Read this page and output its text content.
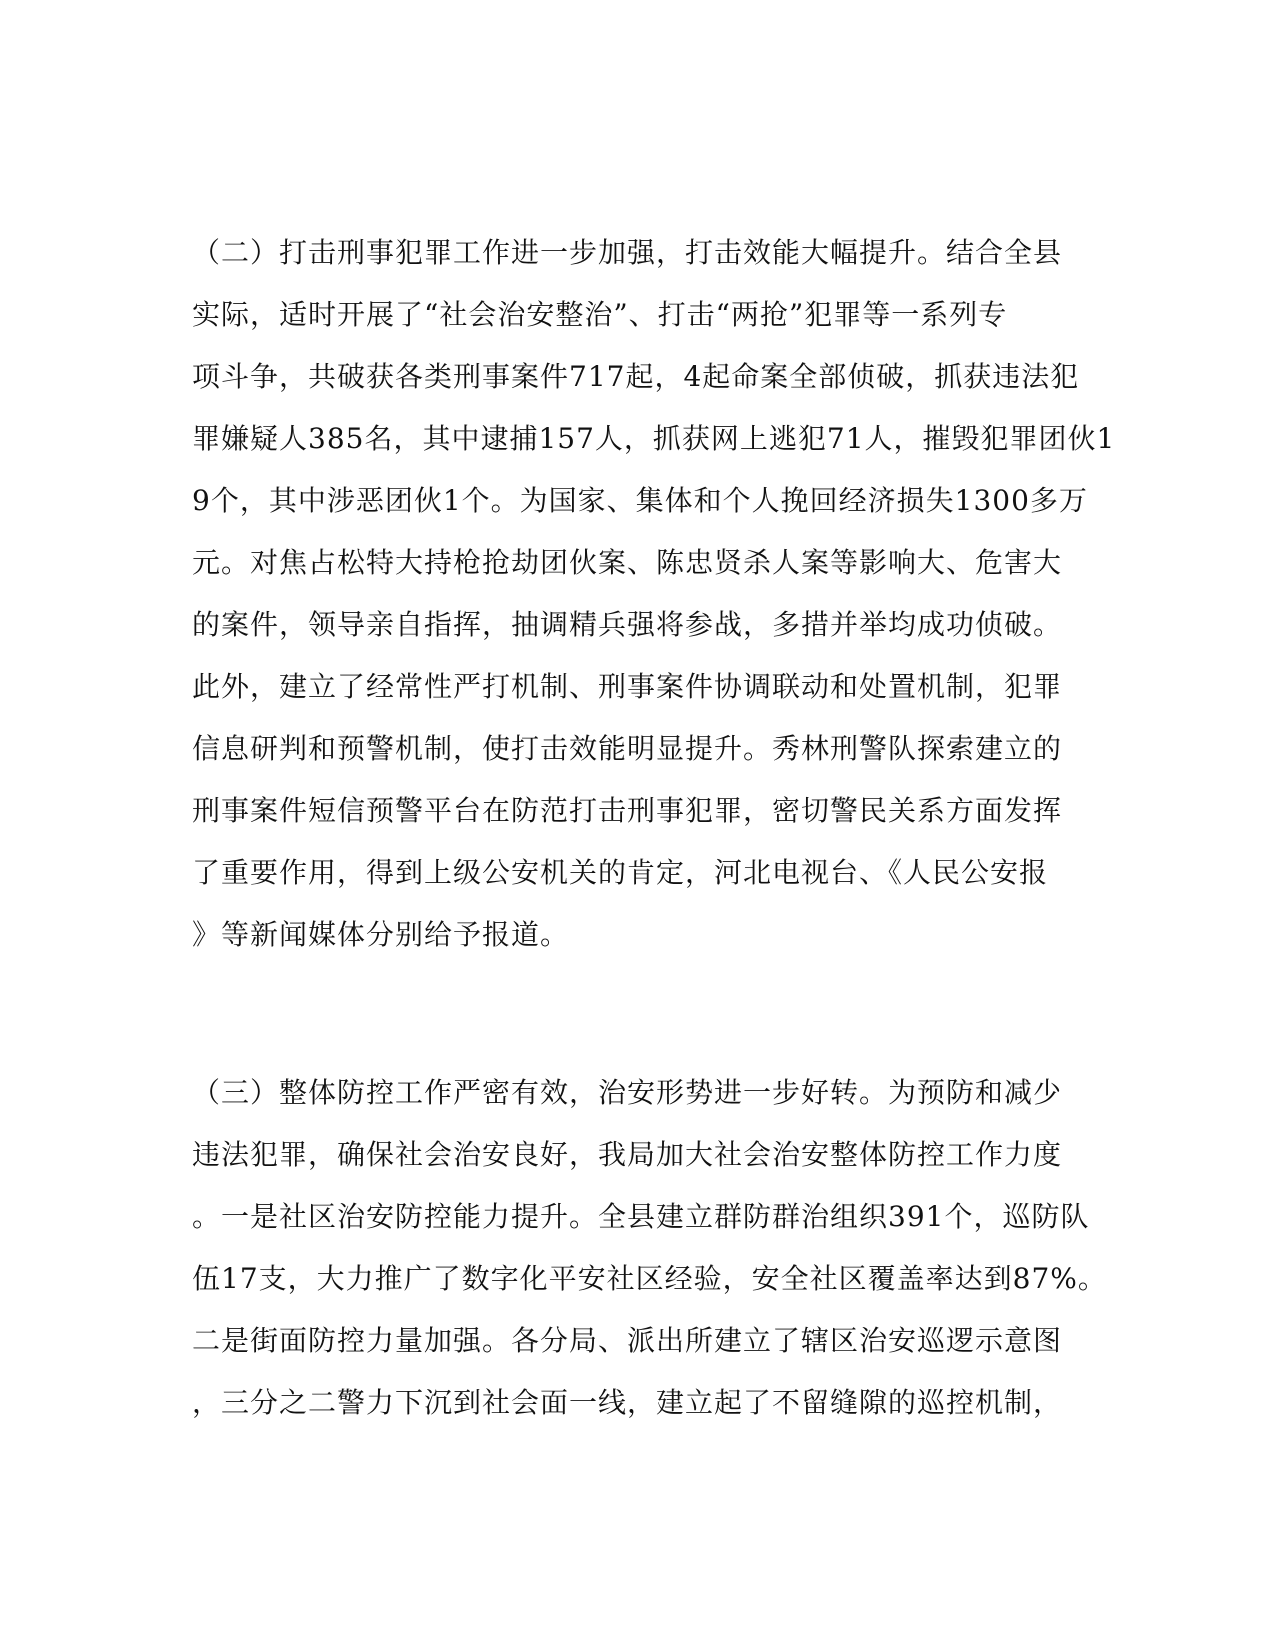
（二）打击刑事犯罪工作进一步加强，打击效能大幅提升。结合全县
实际，适时开展了“社会治安整治”、打击“两抢”犯罪等一系列专
项斗争，共破获各类刑事案件717起，4起命案全部侦破，抓获违法犯
罪嫌疑人385名，其中逮捕157人，抓获网上逃犯71人，摧毁犯罪团伙1
9个，其中涉恶团伙1个。为国家、集体和个人挽回经济损失1300多万
元。对焦占松特大持枪抢劫团伙案、陈忠贤杀人案等影响大、危害大
的案件，领导亲自指挥，抽调精兵强将参战，多措并举均成功侦破。
此外，建立了经常性严打机制、刑事案件协调联动和处置机制，犯罪
信息研判和预警机制，使打击效能明显提升。秀林刑警队探索建立的
刑事案件短信预警平台在防范打击刑事犯罪，密切警民关系方面发挥
了重要作用，得到上级公安机关的肯定，河北电视台、《人民公安报
》等新闻媒体分别给予报道。
（三）整体防控工作严密有效，治安形势进一步好转。为预防和减少
违法犯罪，确保社会治安良好，我局加大社会治安整体防控工作力度
。一是社区治安防控能力提升。全县建立群防群治组织391个，巡防队
伍17支，大力推广了数字化平安社区经验，安全社区覆盖率达到87%。
二是街面防控力量加强。各分局、派出所建立了辖区治安巡逻示意图
，三分之二警力下沉到社会面一线，建立起了不留缝隙的巡控机制，
